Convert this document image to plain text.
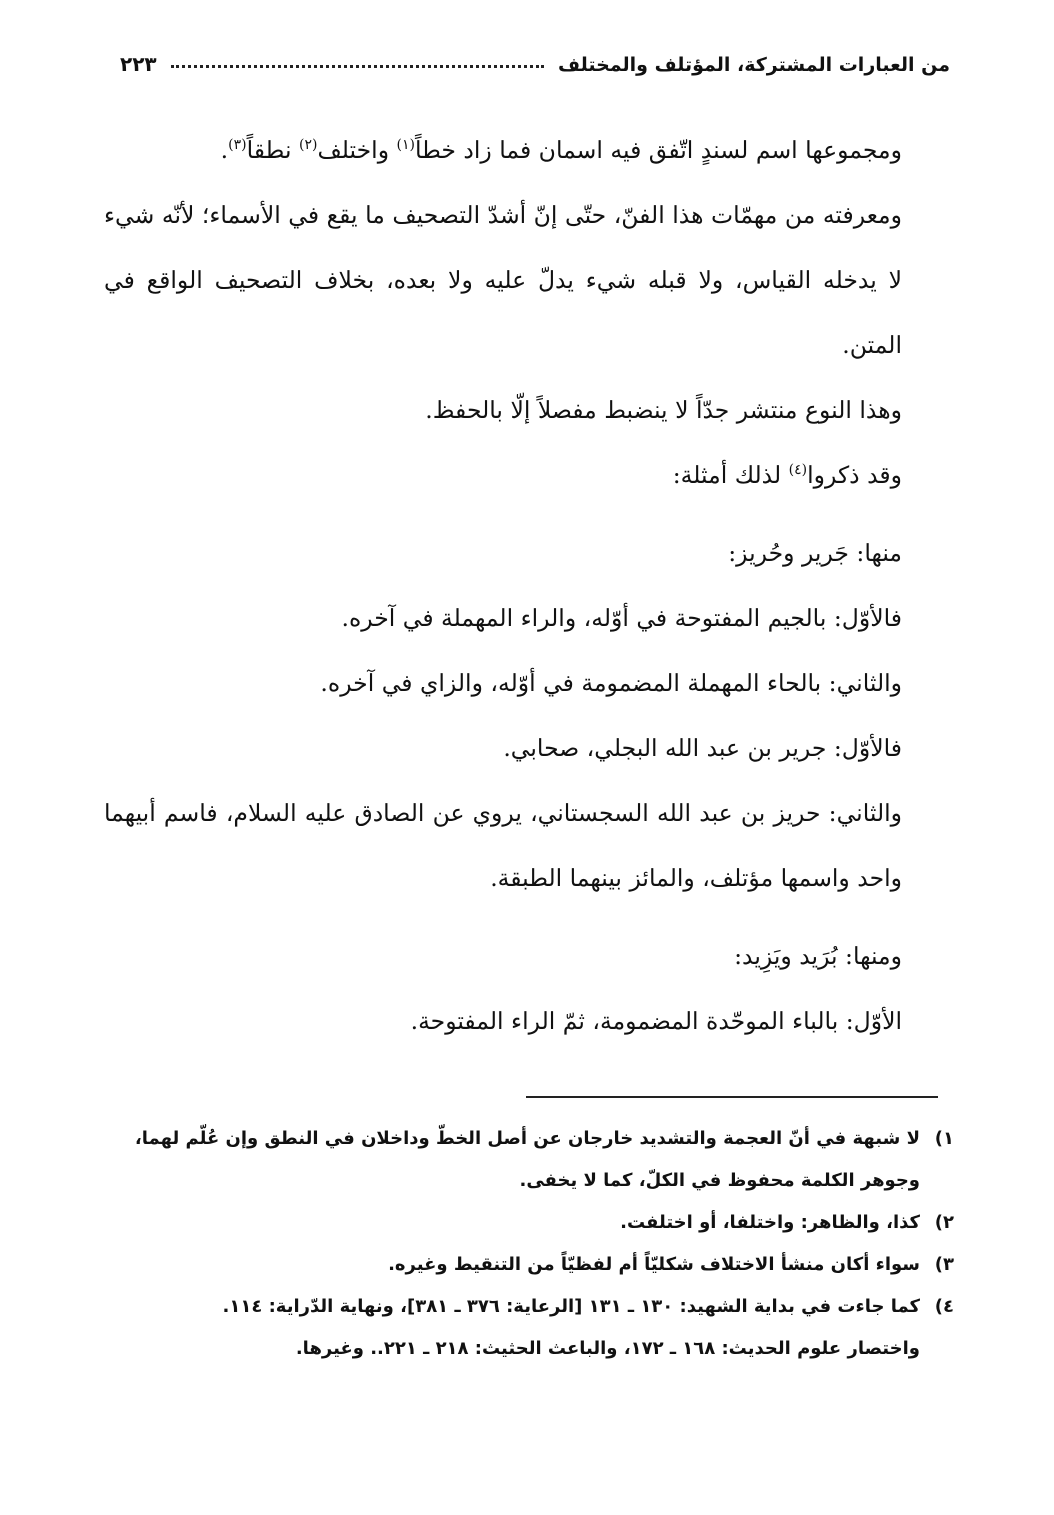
من العبارات المشتركة، المؤتلف والمختلف
٢٢٣

ومجموعها اسم لسندٍ اتّفق فيه اسمان فما زاد خطاً$^{(١)}$ واختلف$^{(٢)}$ نطقاً$^{(٣)}$.

ومعرفته من مهمّات هذا الفنّ، حتّى إنّ أشدّ التصحيف ما يقع في الأسماء؛ لأنّه شيء لا يدخله القياس، ولا قبله شيء يدلّ عليه ولا بعده، بخلاف التصحيف الواقع في المتن.

وهذا النوع منتشر جدّاً لا ينضبط مفصلاً إلّا بالحفظ.

وقد ذكروا$^{(٤)}$ لذلك أمثلة:

منها: جَرير وحُريز:

فالأوّل: بالجيم المفتوحة في أوّله، والراء المهملة في آخره.

والثاني: بالحاء المهملة المضمومة في أوّله، والزاي في آخره.

فالأوّل: جرير بن عبد الله البجلي، صحابي.

والثاني: حريز بن عبد الله السجستاني، يروي عن الصادق عليه السلام، فاسم أبيهما واحد واسمها مؤتلف، والمائز بينهما الطبقة.

ومنها: بُرَيد ويَزِيد:

الأوّل: بالباء الموحّدة المضمومة، ثمّ الراء المفتوحة.

١)لا شبهة في أنّ العجمة والتشديد خارجان عن أصل الخطّ وداخلان في النطق وإن عُلّم لهما،

وجوهر الكلمة محفوظ في الكلّ، كما لا يخفى.

٢)كذا، والظاهر: واختلفا، أو اختلفت.

٣)سواء أكان منشأ الاختلاف شكليّاً أم لفظيّاً من التنقيط وغيره.

٤)كما جاءت في بداية الشهيد: ١٣٠ ـ ١٣١ [الرعاية: ٣٧٦ ـ ٣٨١]، ونهاية الدّراية: ١١٤.

واختصار علوم الحديث: ١٦٨ ـ ١٧٢، والباعث الحثيث: ٢١٨ ـ ٢٢١.. وغيرها.
